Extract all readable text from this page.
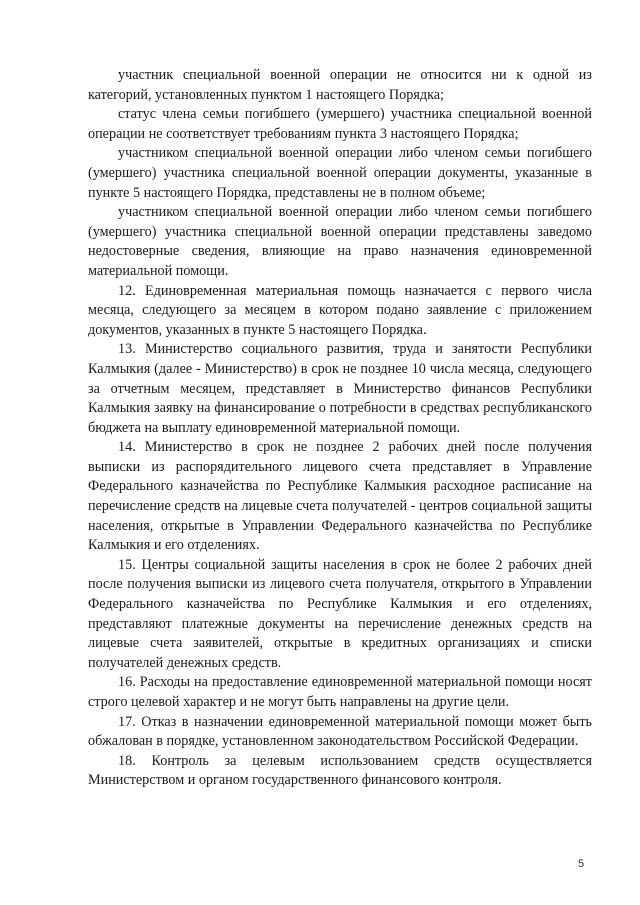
участник специальной военной операции не относится ни к одной из категорий, установленных пунктом 1 настоящего Порядка;

статус члена семьи погибшего (умершего) участника специальной военной операции не соответствует требованиям пункта 3 настоящего Порядка;

участником специальной военной операции либо членом семьи погибшего (умершего) участника специальной военной операции документы, указанные в пункте 5 настоящего Порядка, представлены не в полном объеме;

участником специальной военной операции либо членом семьи погибшего (умершего) участника специальной военной операции представлены заведомо недостоверные сведения, влияющие на право назначения единовременной материальной помощи.

12. Единовременная материальная помощь назначается с первого числа месяца, следующего за месяцем в котором подано заявление с приложением документов, указанных в пункте 5 настоящего Порядка.

13. Министерство социального развития, труда и занятости Республики Калмыкия (далее - Министерство) в срок не позднее 10 числа месяца, следующего за отчетным месяцем, представляет в Министерство финансов Республики Калмыкия заявку на финансирование о потребности в средствах республиканского бюджета на выплату единовременной материальной помощи.

14. Министерство в срок не позднее 2 рабочих дней после получения выписки из распорядительного лицевого счета представляет в Управление Федерального казначейства по Республике Калмыкия расходное расписание на перечисление средств на лицевые счета получателей - центров социальной защиты населения, открытые в Управлении Федерального казначейства по Республике Калмыкия и его отделениях.

15. Центры социальной защиты населения в срок не более 2 рабочих дней после получения выписки из лицевого счета получателя, открытого в Управлении Федерального казначейства по Республике Калмыкия и его отделениях, представляют платежные документы на перечисление денежных средств на лицевые счета заявителей, открытые в кредитных организациях и списки получателей денежных средств.

16. Расходы на предоставление единовременной материальной помощи носят строго целевой характер и не могут быть направлены на другие цели.

17. Отказ в назначении единовременной материальной помощи может быть обжалован в порядке, установленном законодательством Российской Федерации.

18. Контроль за целевым использованием средств осуществляется Министерством и органом государственного финансового контроля.

5
